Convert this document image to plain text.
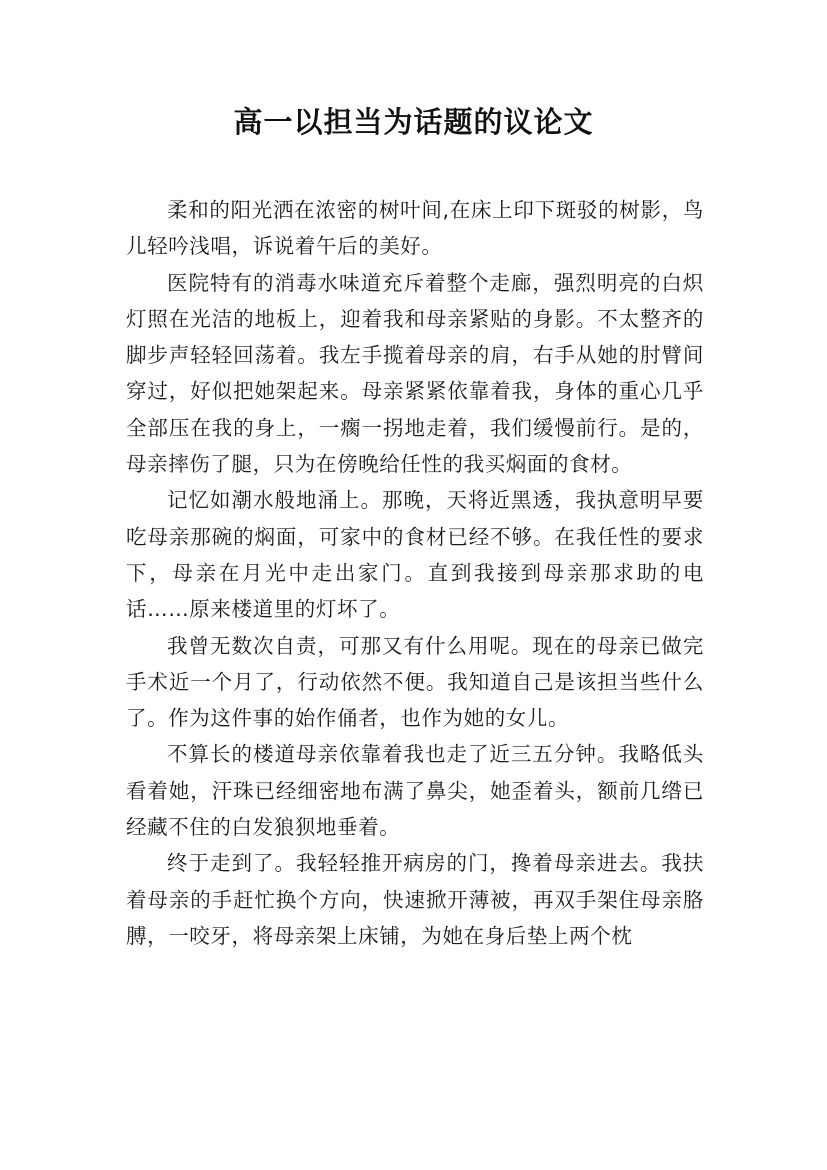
高一以担当为话题的议论文

柔和的阳光洒在浓密的树叶间,在床上印下斑驳的树影，鸟儿轻吟浅唱，诉说着午后的美好。

医院特有的消毒水味道充斥着整个走廊，强烈明亮的白炽灯照在光洁的地板上，迎着我和母亲紧贴的身影。不太整齐的脚步声轻轻回荡着。我左手揽着母亲的肩，右手从她的肘臂间穿过，好似把她架起来。母亲紧紧依靠着我，身体的重心几乎全部压在我的身上，一瘸一拐地走着，我们缓慢前行。是的，母亲摔伤了腿，只为在傍晚给任性的我买焖面的食材。

记忆如潮水般地涌上。那晚，天将近黑透，我执意明早要吃母亲那碗的焖面，可家中的食材已经不够。在我任性的要求下，母亲在月光中走出家门。直到我接到母亲那求助的电话……原来楼道里的灯坏了。

我曾无数次自责，可那又有什么用呢。现在的母亲已做完手术近一个月了，行动依然不便。我知道自己是该担当些什么了。作为这件事的始作俑者，也作为她的女儿。

不算长的楼道母亲依靠着我也走了近三五分钟。我略低头看着她，汗珠已经细密地布满了鼻尖，她歪着头，额前几绺已经藏不住的白发狼狈地垂着。

终于走到了。我轻轻推开病房的门，搀着母亲进去。我扶着母亲的手赶忙换个方向，快速掀开薄被，再双手架住母亲胳膊，一咬牙，将母亲架上床铺，为她在身后垫上两个枕
